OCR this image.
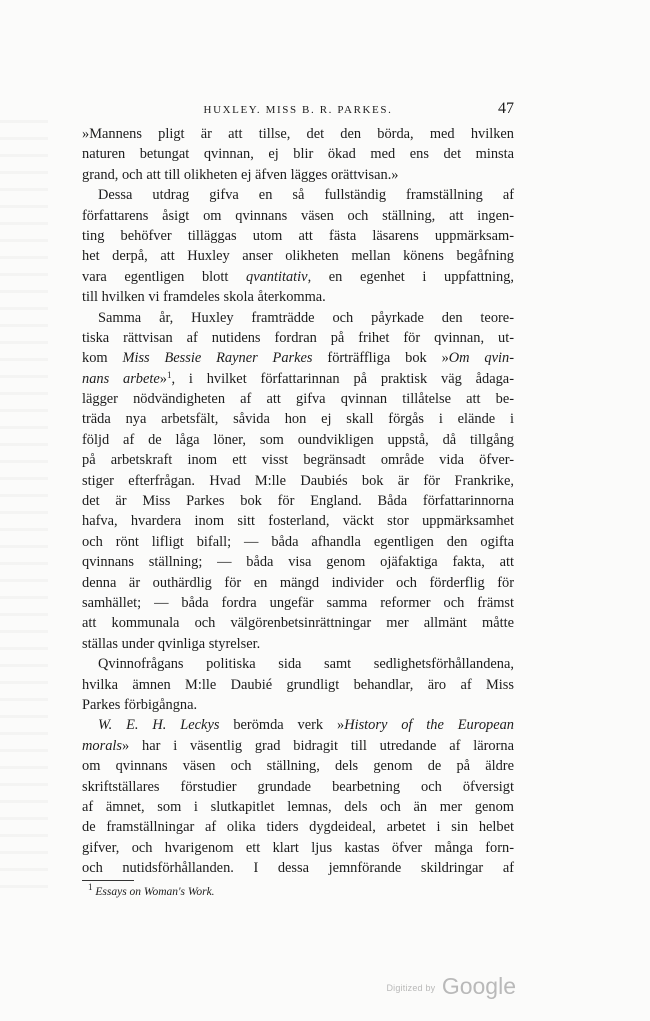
HUXLEY. MISS B. R. PARKES.	47
»Mannens pligt är att tillse, det den börda, med hvilken
naturen betungat qvinnan, ej blir ökad med ens det minsta
grand, och att till olikheten ej äfven lägges orättvisan.»
Dessa utdrag gifva en så fullständig framställning af
författarens åsigt om qvinnans väsen och ställning, att ingen-
ting behöfver tilläggas utom att fästa läsarens uppmärksam-
het derpå, att Huxley anser olikheten mellan könens begåfning
vara egentligen blott qvantitativ, en egenhet i uppfattning,
till hvilken vi framdeles skola återkomma.
Samma år, Huxley framträdde och påyrkade den teore-
tiska rättvisan af nutidens fordran på frihet för qvinnan, ut-
kom Miss Bessie Rayner Parkes förträffliga bok »Om qvin-
nans arbete»$^1$, i hvilket författarinnan på praktisk väg ådaga-
lägger nödvändigheten af att gifva qvinnan tillåtelse att be-
träda nya arbetsfält, såvida hon ej skall förgås i elände i
följd af de låga löner, som oundvikligen uppstå, då tillgång
på arbetskraft inom ett visst begränsadt område vida öfver-
stiger efterfrågan. Hvad M:lle Daubiés bok är för Frankrike,
det är Miss Parkes bok för England. Båda författarinnorna
hafva, hvardera inom sitt fosterland, väckt stor uppmärksamhet
och rönt lifligt bifall; — båda afhandla egentligen den ogifta
qvinnans ställning; — båda visa genom ojäfaktiga fakta, att
denna är outhärdlig för en mängd individer och förderflig för
samhället; — båda fordra ungefär samma reformer och främst
att kommunala och välgörenbetsinrättningar mer allmänt måtte
ställas under qvinliga styrelser.
Qvinnofrågans politiska sida samt sedlighetsförhållandena,
hvilka ämnen M:lle Daubié grundligt behandlar, äro af Miss
Parkes förbigångna.
W. E. H. Leckys berömda verk »History of the European
morals» har i väsentlig grad bidragit till utredande af lärorna
om qvinnans väsen och ställning, dels genom de på äldre
skriftställares förstudier grundade bearbetning och öfversigt
af ämnet, som i slutkapitlet lemnas, dels och än mer genom
de framställningar af olika tiders dygdeideal, arbetet i sin helbet
gifver, och hvarigenom ett klart ljus kastas öfver många forn-
och nutidsförhållanden. I dessa jemnförande skildringar af
$^1$ Essays on Woman's Work.
Digitized by Google
